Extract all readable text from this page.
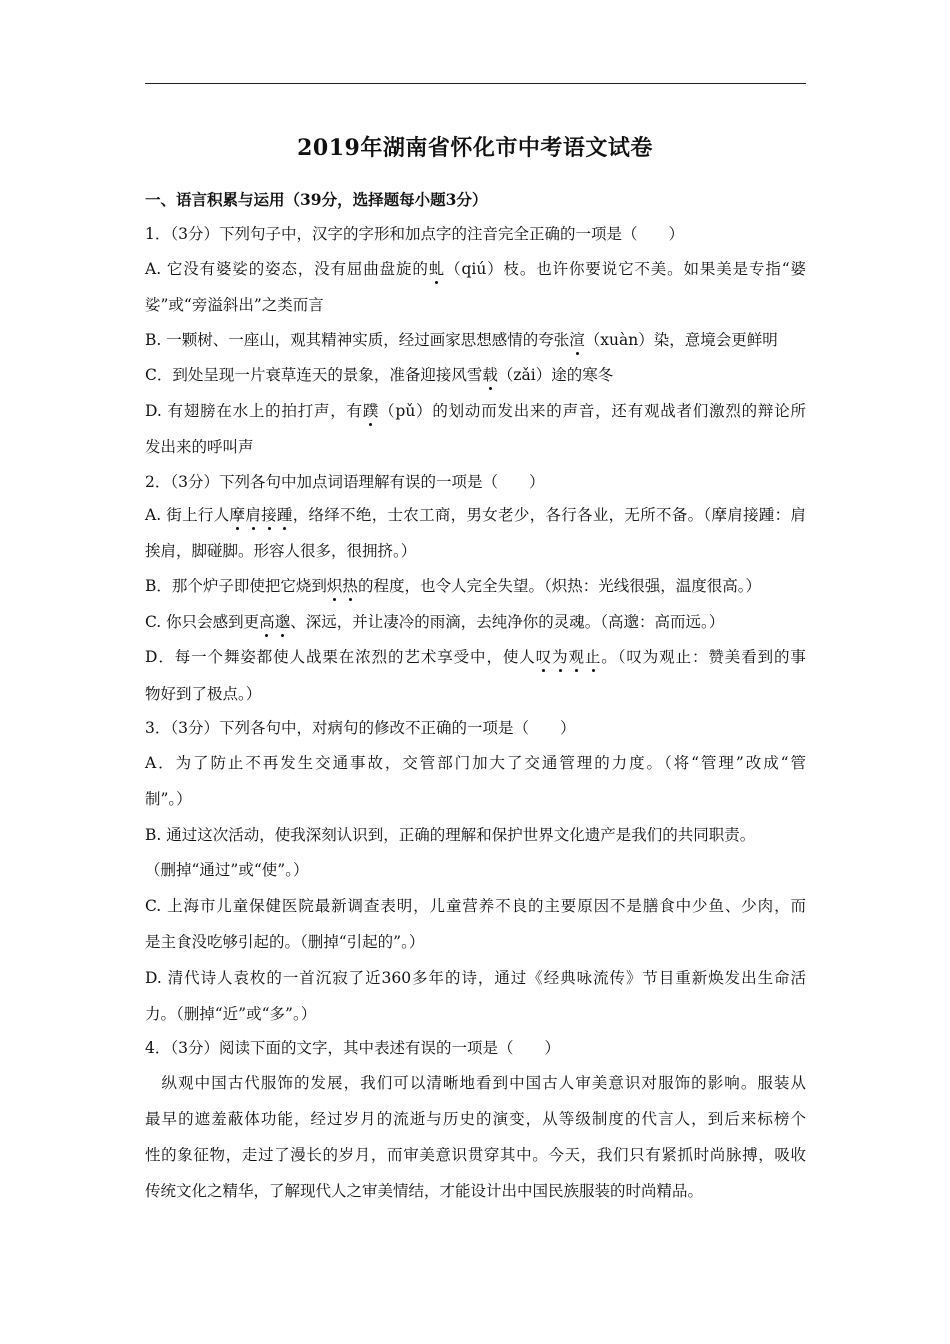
2019年湖南省怀化市中考语文试卷
一、语言积累与运用（39分，选择题每小题3分）
1．（3分）下列句子中，汉字的字形和加点字的注音完全正确的一项是（　　）
A. 它没有婆娑的姿态，没有屈曲盘旋的虬（qiú）枝。也许你要说它不美。如果美是专指“婆
娑”或“旁溢斜出”之类而言
B. 一颗树、一座山，观其精神实质，经过画家思想感情的夸张渲（xuàn）染，意境会更鲜明
C．到处呈现一片衰草连天的景象，准备迎接风雪载（zǎi）途的寒冬
D. 有翅膀在水上的拍打声，有蹼（pǔ）的划动而发出来的声音，还有观战者们激烈的辩论所
发出来的呼叫声
2．（3分）下列各句中加点词语理解有误的一项是（　　）
A. 街上行人摩肩接踵，络绎不绝，士农工商，男女老少，各行各业，无所不备。（摩肩接踵：肩
挨肩，脚碰脚。形容人很多，很拥挤。）
B．那个炉子即使把它烧到炽热的程度，也令人完全失望。（炽热：光线很强，温度很高。）
C. 你只会感到更高邈、深远，并让凄冷的雨滴，去纯净你的灵魂。（高邈：高而远。）
D．每一个舞姿都使人战栗在浓烈的艺术享受中，使人叹为观止。（叹为观止：赞美看到的事
物好到了极点。）
3．（3分）下列各句中，对病句的修改不正确的一项是（　　）
A．为了防止不再发生交通事故，交管部门加大了交通管理的力度。（将“管理”改成“管
制”。）
B. 通过这次活动，使我深刻认识到，正确的理解和保护世界文化遗产是我们的共同职责。
（删掉“通过”或“使”。）
C. 上海市儿童保健医院最新调查表明，儿童营养不良的主要原因不是膳食中少鱼、少肉，而
是主食没吃够引起的。（删掉“引起的”。）
D. 清代诗人袁枚的一首沉寂了近360多年的诗，通过《经典咏流传》节目重新焕发出生命活
力。（删掉“近”或“多”。）
4．（3分）阅读下面的文字，其中表述有误的一项是（　　）
　纵观中国古代服饰的发展，我们可以清晰地看到中国古人审美意识对服饰的影响。服装从
最早的遮羞蔽体功能，经过岁月的流逝与历史的演变，从等级制度的代言人，到后来标榜个
性的象征物，走过了漫长的岁月，而审美意识贯穿其中。今天，我们只有紧抓时尚脉搏，吸收
传统文化之精华，了解现代人之审美情结，才能设计出中国民族服装的时尚精品。
